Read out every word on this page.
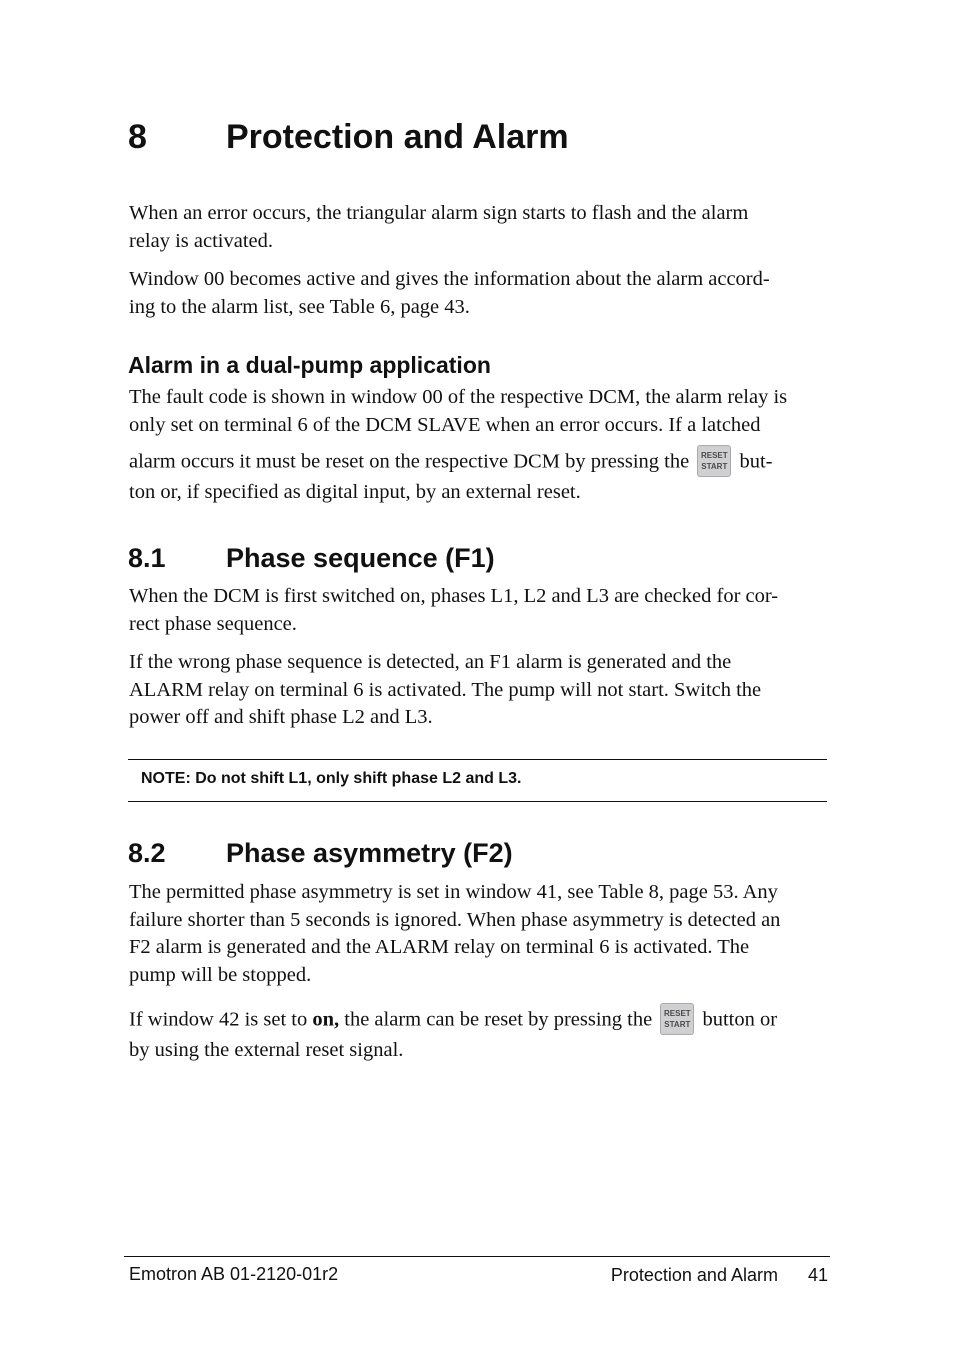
8 Protection and Alarm
When an error occurs, the triangular alarm sign starts to flash and the alarm
relay is activated.
Window 00 becomes active and gives the information about the alarm accord-
ing to the alarm list, see Table 6, page 43.
Alarm in a dual-pump application
The fault code is shown in window 00 of the respective DCM, the alarm relay is
only set on terminal 6 of the DCM SLAVE when an error occurs. If a latched
alarm occurs it must be reset on the respective DCM by pressing the	RESET
START but-
ton or, if specified as digital input, by an external reset.
8.1 Phase sequence (F1)
When the DCM is first switched on, phases L1, L2 and L3 are checked for cor-
rect phase sequence.
If the wrong phase sequence is detected, an F1 alarm is generated and the
ALARM relay on terminal 6 is activated. The pump will not start. Switch the
power off and shift phase L2 and L3.
NOTE: Do not shift L1, only shift phase L2 and L3.
8.2 Phase asymmetry (F2)
The permitted phase asymmetry is set in window 41, see Table 8, page 53. Any
failure shorter than 5 seconds is ignored. When phase asymmetry is detected an
F2 alarm is generated and the ALARM relay on terminal 6 is activated. The
pump will be stopped.
If window 42 is set to on, the alarm can be reset by pressing the	RESET
START button or
by using the external reset signal.
Emotron AB 01-2120-01r2	Protection and Alarm 41
